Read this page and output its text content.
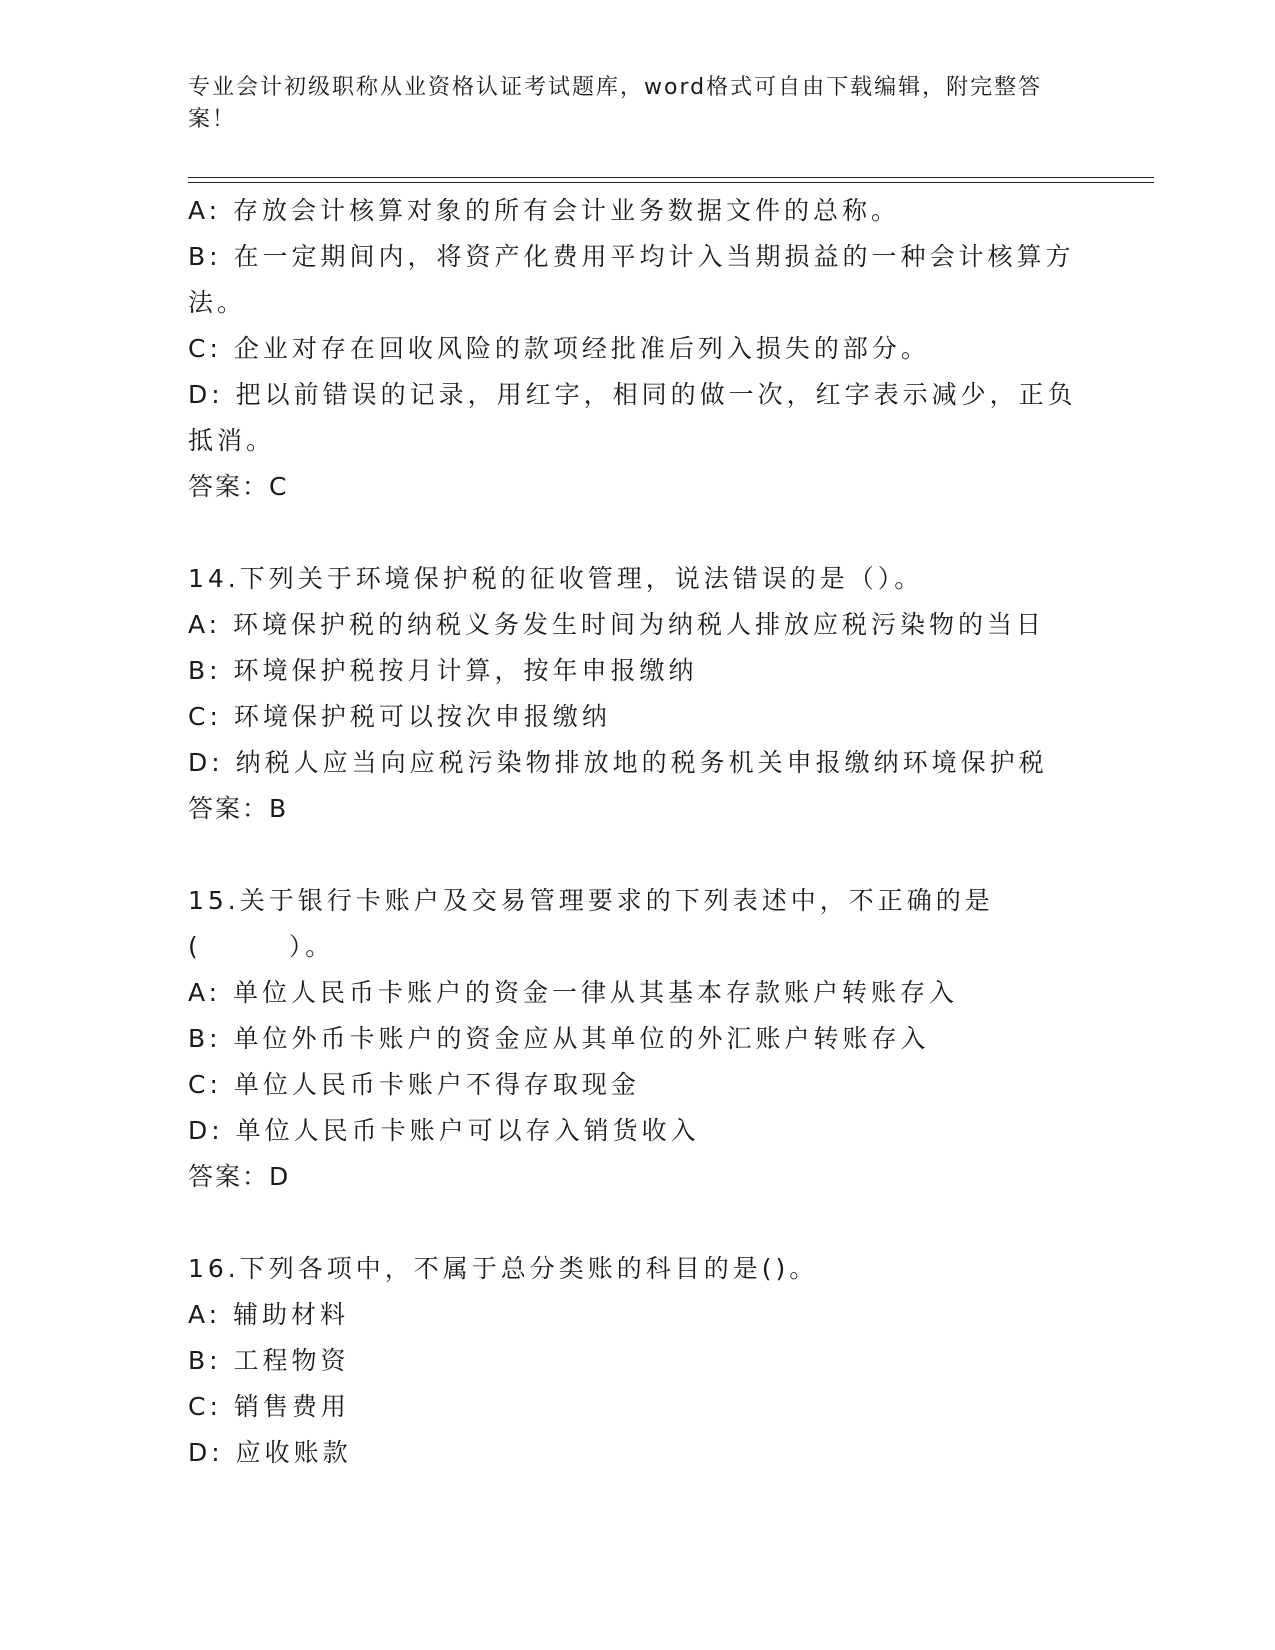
专业会计初级职称从业资格认证考试题库，word格式可自由下载编辑，附完整答案！
A: 存放会计核算对象的所有会计业务数据文件的总称。
B: 在一定期间内，将资产化费用平均计入当期损益的一种会计核算方
法。
C: 企业对存在回收风险的款项经批准后列入损失的部分。
D: 把以前错误的记录，用红字，相同的做一次，红字表示减少，正负
抵消。
答案：C
14.下列关于环境保护税的征收管理，说法错误的是（）。
A: 环境保护税的纳税义务发生时间为纳税人排放应税污染物的当日
B: 环境保护税按月计算，按年申报缴纳
C: 环境保护税可以按次申报缴纳
D: 纳税人应当向应税污染物排放地的税务机关申报缴纳环境保护税
答案：B
15.关于银行卡账户及交易管理要求的下列表述中，不正确的是
(　　　）。
A: 单位人民币卡账户的资金一律从其基本存款账户转账存入
B: 单位外币卡账户的资金应从其单位的外汇账户转账存入
C: 单位人民币卡账户不得存取现金
D: 单位人民币卡账户可以存入销货收入
答案：D
16.下列各项中，不属于总分类账的科目的是()。
A: 辅助材料
B: 工程物资
C: 销售费用
D: 应收账款
